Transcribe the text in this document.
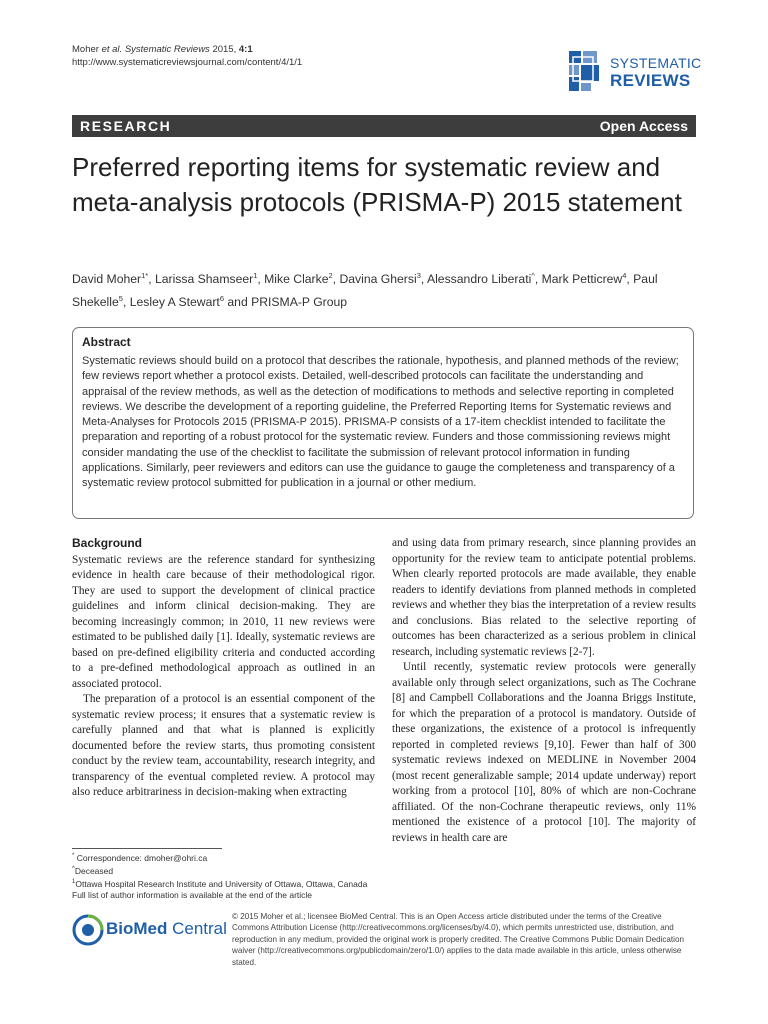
Moher et al. Systematic Reviews 2015, 4:1
http://www.systematicreviewsjournal.com/content/4/1/1	SYSTEMATIC
REVIEWS
RESEARCH	Open Access
Preferred reporting items for systematic review and meta-analysis protocols (PRISMA-P) 2015 statement
David Moher$^{1*}$, Larissa Shamseer$^1$, Mike Clarke$^2$, Davina Ghersi$^3$, Alessandro Liberati^, Mark Petticrew$^4$, Paul Shekelle$^5$, Lesley A Stewart$^6$ and PRISMA-P Group
Abstract

Systematic reviews should build on a protocol that describes the rationale, hypothesis, and planned methods of the review; few reviews report whether a protocol exists. Detailed, well-described protocols can facilitate the understanding and appraisal of the review methods, as well as the detection of modifications to methods and selective reporting in completed reviews. We describe the development of a reporting guideline, the Preferred Reporting Items for Systematic reviews and Meta-Analyses for Protocols 2015 (PRISMA-P 2015). PRISMA-P consists of a 17-item checklist intended to facilitate the preparation and reporting of a robust protocol for the systematic review. Funders and those commissioning reviews might consider mandating the use of the checklist to facilitate the submission of relevant protocol information in funding applications. Similarly, peer reviewers and editors can use the guidance to gauge the completeness and transparency of a systematic review protocol submitted for publication in a journal or other medium.

Background

Systematic reviews are the reference standard for synthesizing evidence in health care because of their methodological rigor. They are used to support the development of clinical practice guidelines and inform clinical decision-making. They are becoming increasingly common; in 2010, 11 new reviews were estimated to be published daily [1]. Ideally, systematic reviews are based on pre-defined eligibility criteria and conducted according to a pre-defined methodological approach as outlined in an associated protocol.

The preparation of a protocol is an essential component of the systematic review process; it ensures that a systematic review is carefully planned and that what is planned is explicitly documented before the review starts, thus promoting consistent conduct by the review team, accountability, research integrity, and transparency of the eventual completed review. A protocol may also reduce arbitrariness in decision-making when extracting

and using data from primary research, since planning provides an opportunity for the review team to anticipate potential problems. When clearly reported protocols are made available, they enable readers to identify deviations from planned methods in completed reviews and whether they bias the interpretation of a review results and conclusions. Bias related to the selective reporting of outcomes has been characterized as a serious problem in clinical research, including systematic reviews [2-7].

Until recently, systematic review protocols were generally available only through select organizations, such as The Cochrane [8] and Campbell Collaborations and the Joanna Briggs Institute, for which the preparation of a protocol is mandatory. Outside of these organizations, the existence of a protocol is infrequently reported in completed reviews [9,10]. Fewer than half of 300 systematic reviews indexed on MEDLINE in November 2004 (most recent generalizable sample; 2014 update underway) report working from a protocol [10], 80% of which are non-Cochrane affiliated. Of the non-Cochrane therapeutic reviews, only 11% mentioned the existence of a protocol [10]. The majority of reviews in health care are

* Correspondence: dmoher@ohri.ca

^Deceased

$^1$Ottawa Hospital Research Institute and University of Ottawa, Ottawa, Canada

Full list of author information is available at the end of the article

BioMed Central
© 2015 Moher et al.; licensee BioMed Central. This is an Open Access article distributed under the terms of the Creative Commons Attribution License (http://creativecommons.org/licenses/by/4.0), which permits unrestricted use, distribution, and reproduction in any medium, provided the original work is properly credited. The Creative Commons Public Domain Dedication waiver (http://creativecommons.org/publicdomain/zero/1.0/) applies to the data made available in this article, unless otherwise stated.
